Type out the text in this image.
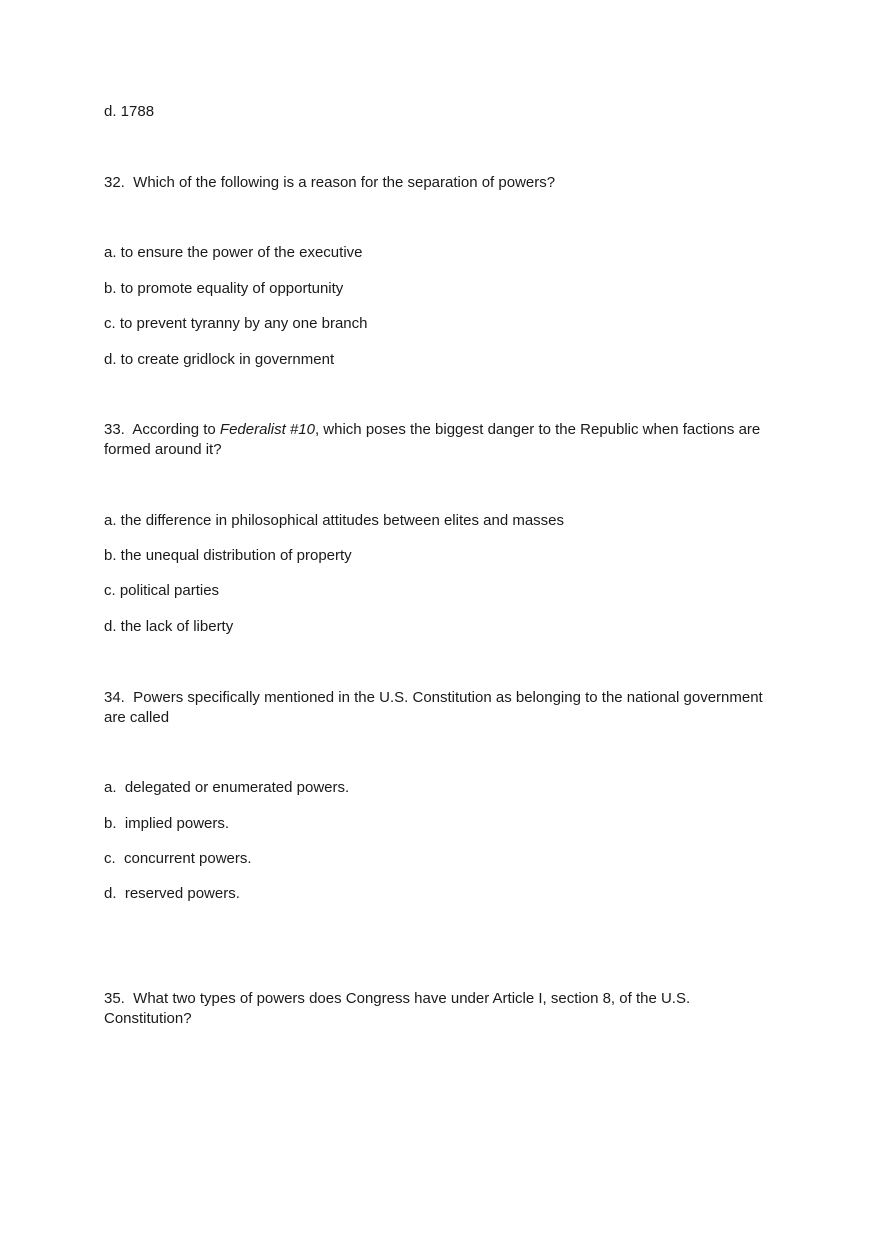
d. 1788

32.  Which of the following is a reason for the separation of powers?

a. to ensure the power of the executive

b. to promote equality of opportunity

c. to prevent tyranny by any one branch

d. to create gridlock in government

33.  According to Federalist #10, which poses the biggest danger to the Republic when factions are formed around it?

a. the difference in philosophical attitudes between elites and masses

b. the unequal distribution of property

c. political parties

d. the lack of liberty

34.  Powers specifically mentioned in the U.S. Constitution as belonging to the national government are called

a.  delegated or enumerated powers.

b.  implied powers.

c.  concurrent powers.

d.  reserved powers.

35.  What two types of powers does Congress have under Article I, section 8, of the U.S. Constitution?
